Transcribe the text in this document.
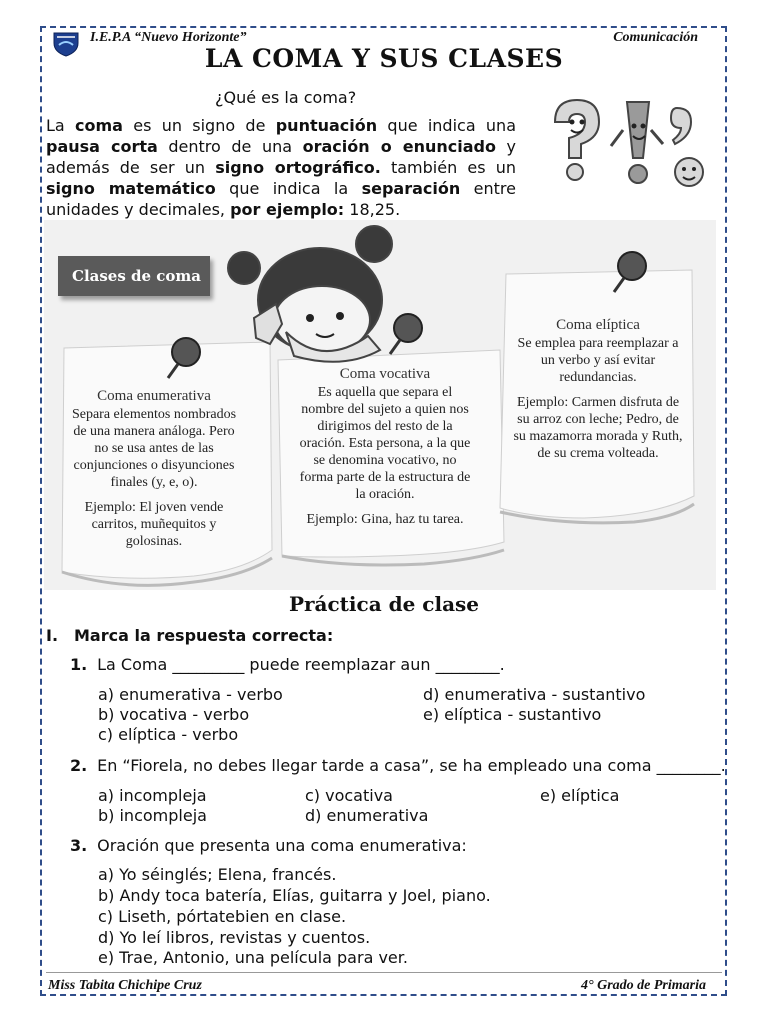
I.E.P.A “Nuevo Horizonte”	Comunicación
LA COMA Y SUS CLASES
¿Qué es la coma?
La coma es un signo de puntuación que indica una pausa corta dentro de una oración o enunciado y además de ser un signo ortográfico. también es un signo matemático que indica la separación entre unidades y decimales, por ejemplo: 18,25.
Clases de coma
Coma enumerativa
Separa elementos nombrados de una manera análoga. Pero no se usa antes de las conjunciones o disyunciones finales (y, e, o).
Ejemplo: El joven vende carritos, muñequitos y golosinas.
Coma vocativa
Es aquella que separa el nombre del sujeto a quien nos dirigimos del resto de la oración. Esta persona, a la que se denomina vocativo, no forma parte de la estructura de la oración.
Ejemplo: Gina, haz tu tarea.
Coma elíptica
Se emplea para reemplazar a un verbo y así evitar redundancias.
Ejemplo: Carmen disfruta de su arroz con leche; Pedro, de su mazamorra morada y Ruth, de su crema volteada.
Práctica de clase
I. Marca la respuesta correcta:
1. La Coma _________ puede reemplazar aun ________.
a) enumerativa - verbo
b) vocativa - verbo
c) elíptica - verbo
d) enumerativa - sustantivo
e) elíptica - sustantivo
2. En “Fiorela, no debes llegar tarde a casa”, se ha empleado una coma ________.
a) incompleja
b) incompleja
c) vocativa
d) enumerativa
e) elíptica
3. Oración que presenta una coma enumerativa:
a) Yo séinglés; Elena, francés.
b) Andy toca batería, Elías, guitarra y Joel, piano.
c) Liseth, pórtatebien en clase.
d) Yo leí libros, revistas y cuentos.
e) Trae, Antonio, una película para ver.
Miss Tabita Chichipe Cruz	4° Grado de Primaria
